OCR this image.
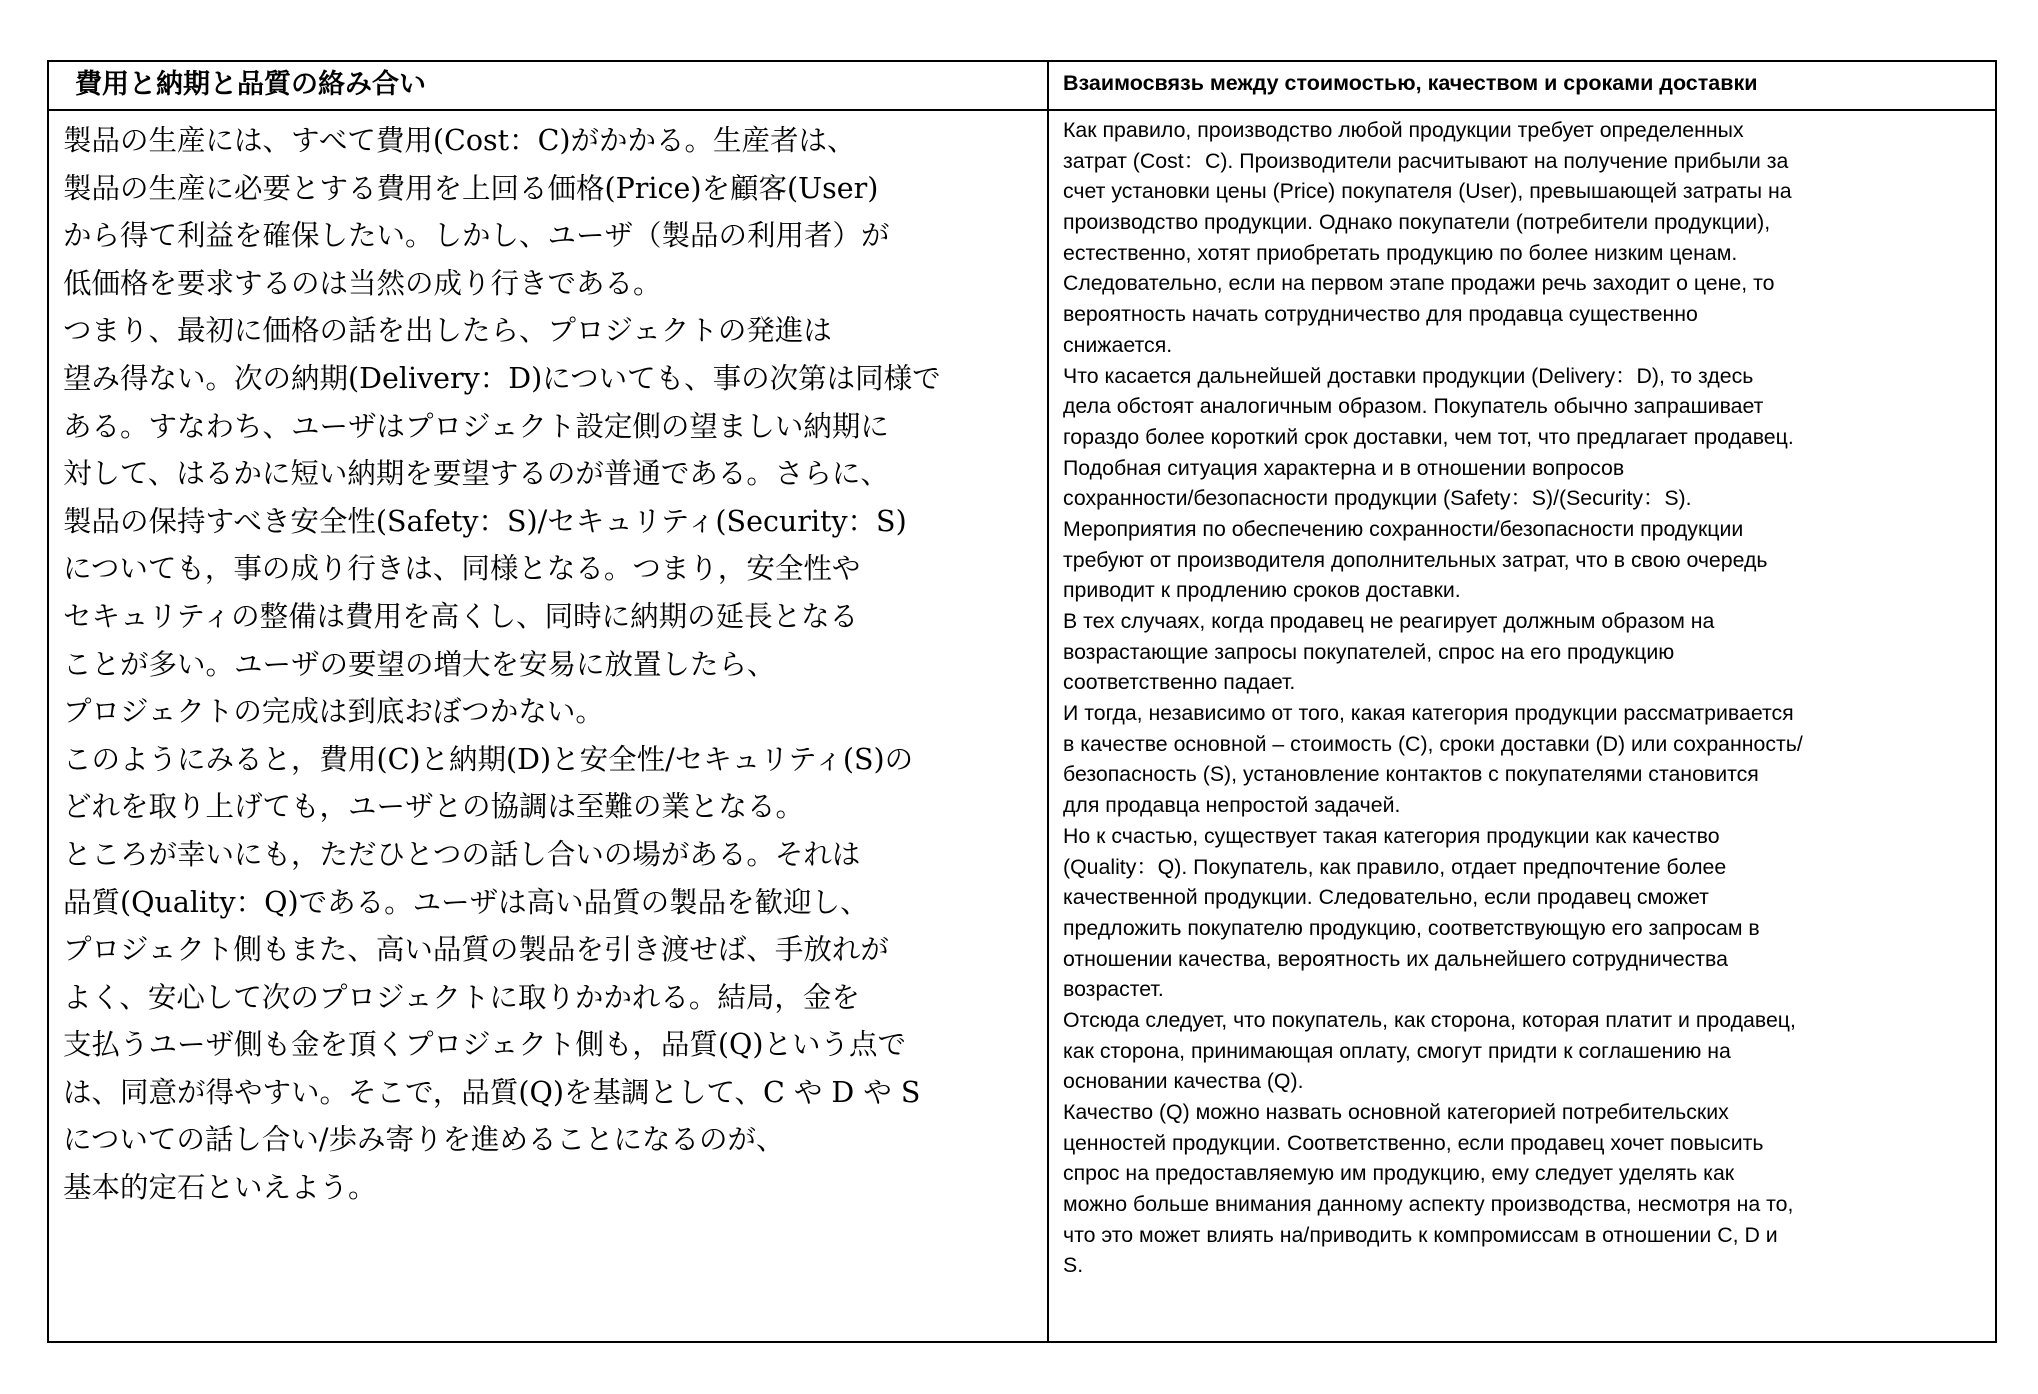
費用と納期と品質の絡み合い	Взаимосвязь между стоимостью, качеством и сроками доставки
製品の生産には、すべて費用(Cost：C)がかかる。生産者は、
製品の生産に必要とする費用を上回る価格(Price)を顧客(User)
から得て利益を確保したい。しかし、ユーザ（製品の利用者）が
低価格を要求するのは当然の成り行きである。
つまり、最初に価格の話を出したら、プロジェクトの発進は
望み得ない。次の納期(Delivery：D)についても、事の次第は同様で
ある。すなわち、ユーザはプロジェクト設定側の望ましい納期に
対して、はるかに短い納期を要望するのが普通である。さらに、
製品の保持すべき安全性(Safety：S)/セキュリティ(Security：S)
についても，事の成り行きは、同様となる。つまり，安全性や
セキュリティの整備は費用を高くし、同時に納期の延長となる
ことが多い。ユーザの要望の増大を安易に放置したら、
プロジェクトの完成は到底おぼつかない。
このようにみると，費用(C)と納期(D)と安全性/セキュリティ(S)の
どれを取り上げても，ユーザとの協調は至難の業となる。
ところが幸いにも，ただひとつの話し合いの場がある。それは
品質(Quality：Q)である。ユーザは高い品質の製品を歓迎し、
プロジェクト側もまた、高い品質の製品を引き渡せば、手放れが
よく、安心して次のプロジェクトに取りかかれる。結局，金を
支払うユーザ側も金を頂くプロジェクト側も，品質(Q)という点で
は、同意が得やすい。そこで，品質(Q)を基調として、C や D や S
についての話し合い/歩み寄りを進めることになるのが、
基本的定石といえよう。
Как правило, производство любой продукции требует определенных
затрат (Cost：C). Производители расчитывают на получение прибыли за
счет установки цены (Price) покупателя (User), превышающей затраты на
производство продукции. Однако покупатели (потребители продукции),
естественно, хотят приобретать продукцию по более низким ценам.
Следовательно, если на первом этапе продажи речь заходит о цене, то
вероятность начать сотрудничество для продавца существенно
снижается.
Что касается дальнейшей доставки продукции (Delivery：D), то здесь
дела обстоят аналогичным образом. Покупатель обычно запрашивает
гораздо более короткий срок доставки, чем тот, что предлагает продавец.
Подобная ситуация характерна и в отношении вопросов
сохранности/безопасности продукции (Safety：S)/(Security：S).
Мероприятия по обеспечению сохранности/безопасности продукции
требуют от производителя дополнительных затрат, что в свою очередь
приводит к продлению сроков доставки.
В тех случаях, когда продавец не реагирует должным образом на
возрастающие запросы покупателей, спрос на его продукцию
соответственно падает.
И тогда, независимо от того, какая категория продукции рассматривается
в качестве основной – стоимость (C), сроки доставки (D) или сохранность/
безопасность (S), установление контактов с покупателями становится
для продавца непростой задачей.
Но к счастью, существует такая категория продукции как качество
(Quality：Q). Покупатель, как правило, отдает предпочтение более
качественной продукции. Следовательно, если продавец сможет
предложить покупателю продукцию, соответствующую его запросам в
отношении качества, вероятность их дальнейшего сотрудничества
возрастет.
Отсюда следует, что покупатель, как сторона, которая платит и продавец,
как сторона, принимающая оплату, смогут придти к соглашению на
основании качества (Q).
Качество (Q) можно назвать основной категорией потребительских
ценностей продукции. Соответственно, если продавец хочет повысить
спрос на предоставляемую им продукцию, ему следует уделять как
можно больше внимания данному аспекту производства, несмотря на то,
что это может влиять на/приводить к компромиссам в отношении C, D и
S.
